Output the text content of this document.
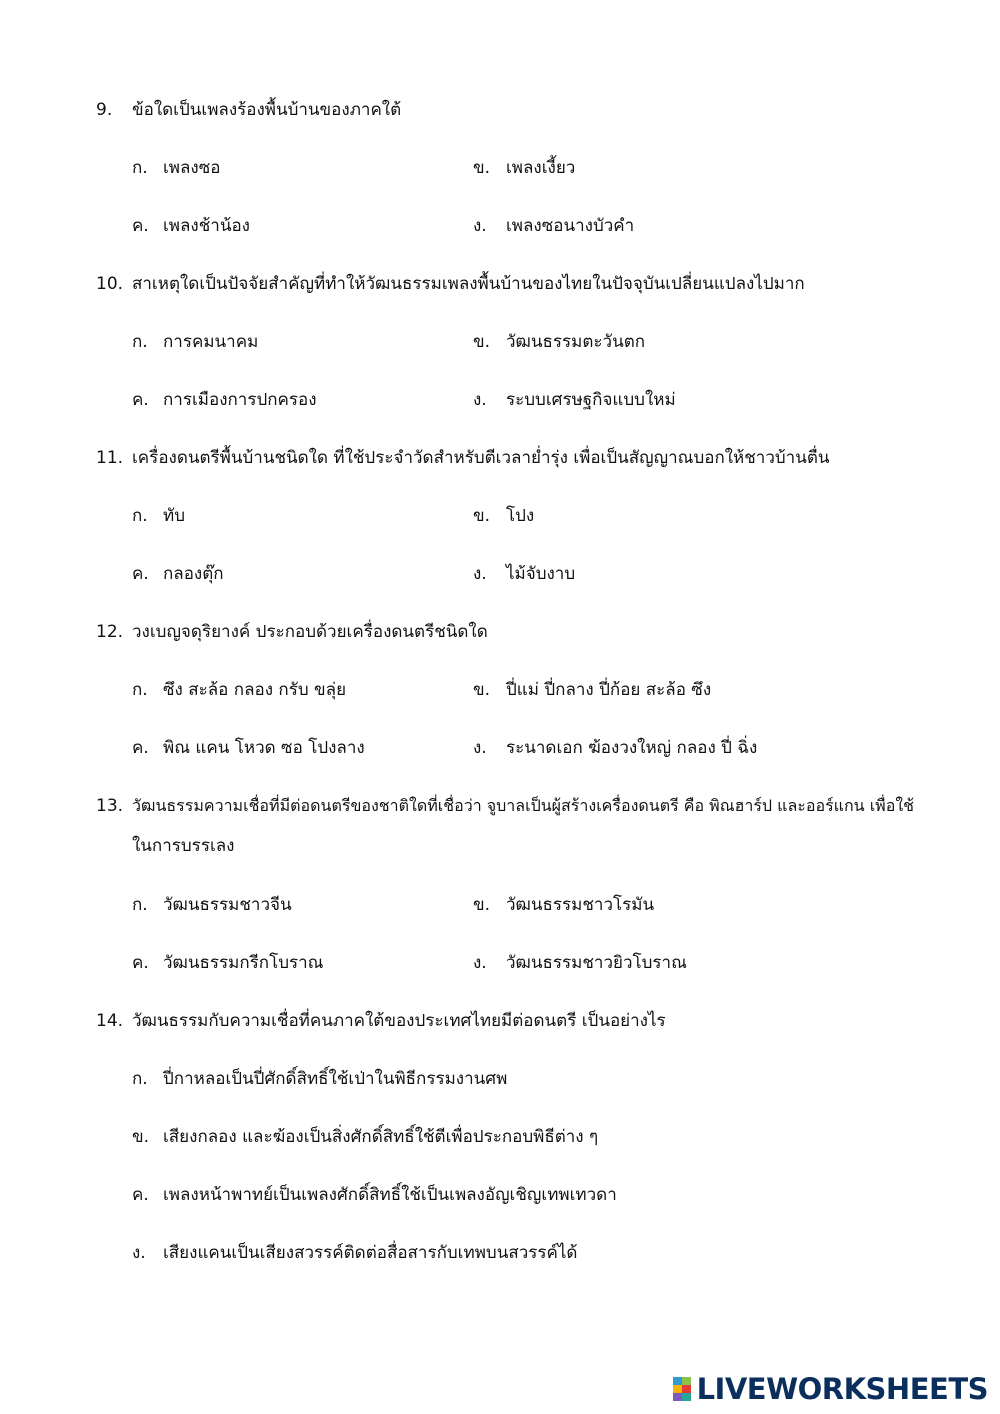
9. ข้อใดเป็นเพลงร้องพื้นบ้านของภาคใต้
ก. เพลงซอ	ข. เพลงเงี้ยว
ค. เพลงช้าน้อง	ง. เพลงซอนางบัวคำ
10. สาเหตุใดเป็นปัจจัยสำคัญที่ทำให้วัฒนธรรมเพลงพื้นบ้านของไทยในปัจจุบันเปลี่ยนแปลงไปมาก
ก. การคมนาคม	ข. วัฒนธรรมตะวันตก
ค. การเมืองการปกครอง	ง. ระบบเศรษฐกิจแบบใหม่
11. เครื่องดนตรีพื้นบ้านชนิดใด ที่ใช้ประจำวัดสำหรับตีเวลาย่ำรุ่ง เพื่อเป็นสัญญาณบอกให้ชาวบ้านตื่น
ก. ทับ	ข. โปง
ค. กลองตุ๊ก	ง. ไม้จับงาบ
12. วงเบญจดุริยางค์ ประกอบด้วยเครื่องดนตรีชนิดใด
ก. ซึง สะล้อ กลอง กรับ ขลุ่ย	ข. ปี่แม่ ปี่กลาง ปี่ก้อย สะล้อ ซึง
ค. พิณ แคน โหวด ซอ โปงลาง	ง. ระนาดเอก ฆ้องวงใหญ่ กลอง ปี่ ฉิ่ง
13. วัฒนธรรมความเชื่อที่มีต่อดนตรีของชาติใดที่เชื่อว่า จูบาลเป็นผู้สร้างเครื่องดนตรี คือ พิณฮาร์ป และออร์แกน เพื่อใช้
ในการบรรเลง
ก. วัฒนธรรมชาวจีน	ข. วัฒนธรรมชาวโรมัน
ค. วัฒนธรรมกรีกโบราณ	ง. วัฒนธรรมชาวยิวโบราณ
14. วัฒนธรรมกับความเชื่อที่คนภาคใต้ของประเทศไทยมีต่อดนตรี เป็นอย่างไร
ก. ปี่กาหลอเป็นปี่ศักดิ์สิทธิ์ใช้เป่าในพิธีกรรมงานศพ
ข. เสียงกลอง และฆ้องเป็นสิ่งศักดิ์สิทธิ์ใช้ตีเพื่อประกอบพิธีต่าง ๆ
ค. เพลงหน้าพาทย์เป็นเพลงศักดิ์สิทธิ์ใช้เป็นเพลงอัญเชิญเทพเทวดา
ง. เสียงแคนเป็นเสียงสวรรค์ติดต่อสื่อสารกับเทพบนสวรรค์ได้
LIVEWORKSHEETS
